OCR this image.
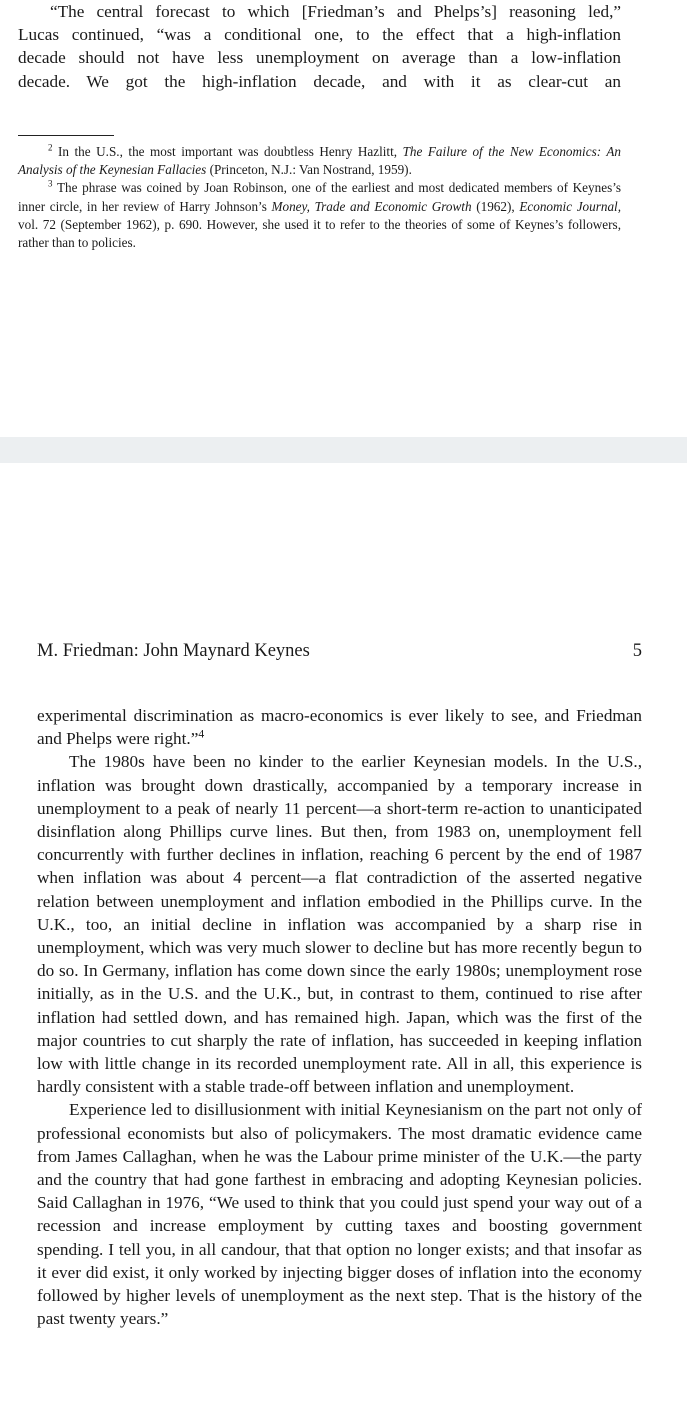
“The central forecast to which [Friedman’s and Phelps’s] reasoning led,”
Lucas continued, “was a conditional one, to the effect that a high-inflation
decade should not have less unemployment on average than a low-inflation
decade. We got the high-inflation decade, and with it as clear-cut an

$^2$ In the U.S., the most important was doubtless Henry Hazlitt, The Failure of the New Economics: An Analysis of the Keynesian Fallacies (Princeton, N.J.: Van Nostrand, 1959).

$^3$ The phrase was coined by Joan Robinson, one of the earliest and most dedicated members of Keynes’s inner circle, in her review of Harry Johnson’s Money, Trade and Economic Growth (1962), Economic Journal, vol. 72 (September 1962), p. 690. However, she used it to refer to the theories of some of Keynes’s followers, rather than to policies.

M. Friedman: John Maynard Keynes	5

experimental discrimination as macro-economics is ever likely to see, and Friedman and Phelps were right.”$^4$

The 1980s have been no kinder to the earlier Keynesian models. In the U.S., inflation was brought down drastically, accompanied by a temporary increase in unemployment to a peak of nearly 11 percent—a short-term re-action to unanticipated disinflation along Phillips curve lines. But then, from 1983 on, unemployment fell concurrently with further declines in inflation, reaching 6 percent by the end of 1987 when inflation was about 4 percent—a flat contradiction of the asserted negative relation between unemployment and inflation embodied in the Phillips curve. In the U.K., too, an initial decline in inflation was accompanied by a sharp rise in unemployment, which was very much slower to decline but has more recently begun to do so. In Germany, inflation has come down since the early 1980s; unemployment rose initially, as in the U.S. and the U.K., but, in contrast to them, continued to rise after inflation had settled down, and has remained high. Japan, which was the first of the major countries to cut sharply the rate of inflation, has succeeded in keeping inflation low with little change in its recorded unemployment rate. All in all, this experience is hardly consistent with a stable trade-off between inflation and unemployment.

Experience led to disillusionment with initial Keynesianism on the part not only of professional economists but also of policymakers. The most dramatic evidence came from James Callaghan, when he was the Labour prime minister of the U.K.—the party and the country that had gone farthest in embracing and adopting Keynesian policies. Said Callaghan in 1976, “We used to think that you could just spend your way out of a recession and increase employment by cutting taxes and boosting government spending. I tell you, in all candour, that that option no longer exists; and that insofar as it ever did exist, it only worked by injecting bigger doses of inflation into the economy followed by higher levels of unemployment as the next step. That is the history of the past twenty years.”
